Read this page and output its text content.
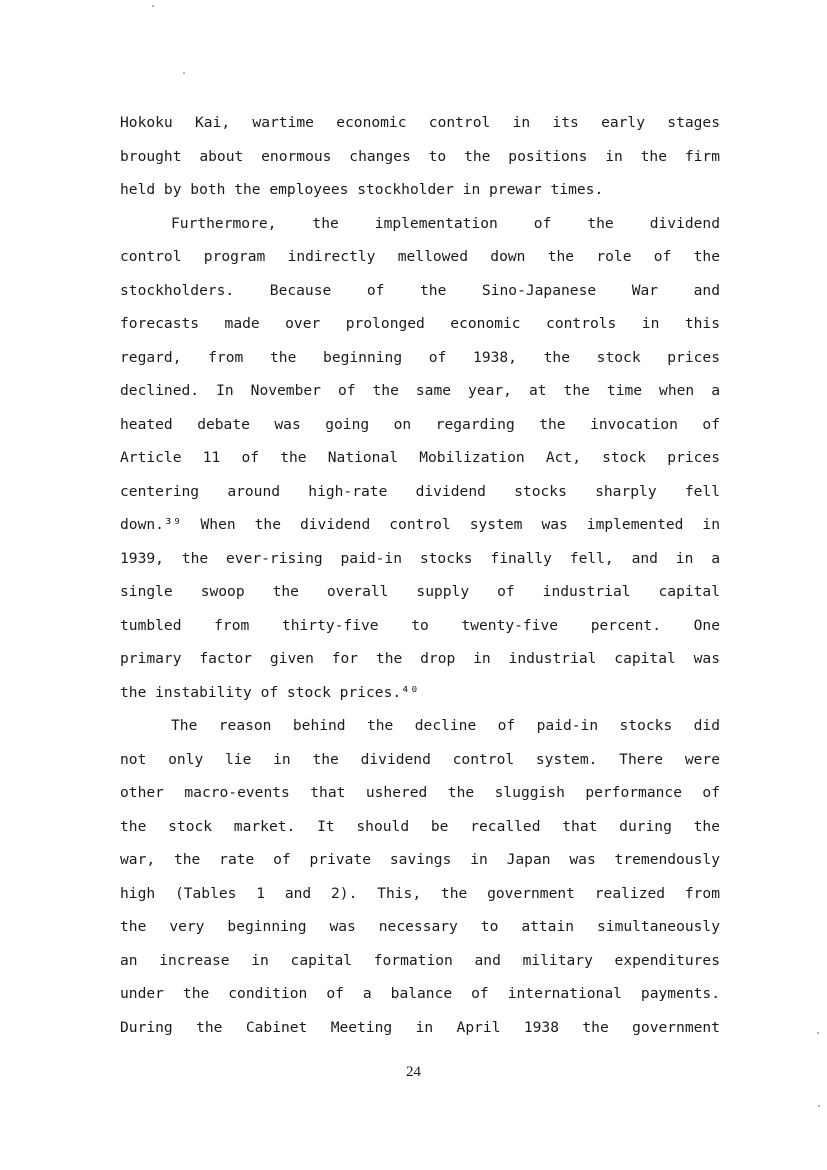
Hokoku Kai, wartime economic control in its early stages
brought about enormous changes to the positions in the firm
held by both the employees stockholder in prewar times.
Furthermore, the implementation of the dividend
control program indirectly mellowed down the role of the
stockholders. Because of the Sino-Japanese War and
forecasts made over prolonged economic controls in this
regard, from the beginning of 1938, the stock prices
declined. In November of the same year, at the time when a
heated debate was going on regarding the invocation of
Article 11 of the National Mobilization Act, stock prices
centering around high-rate dividend stocks sharply fell
down.³⁹ When the dividend control system was implemented in
1939, the ever-rising paid-in stocks finally fell, and in a
single swoop the overall supply of industrial capital
tumbled from thirty-five to twenty-five percent. One
primary factor given for the drop in industrial capital was
the instability of stock prices.⁴⁰
The reason behind the decline of paid-in stocks did
not only lie in the dividend control system. There were
other macro-events that ushered the sluggish performance of
the stock market. It should be recalled that during the
war, the rate of private savings in Japan was tremendously
high (Tables 1 and 2). This, the government realized from
the very beginning was necessary to attain simultaneously
an increase in capital formation and military expenditures
under the condition of a balance of international payments.
During the Cabinet Meeting in April 1938 the government
24
